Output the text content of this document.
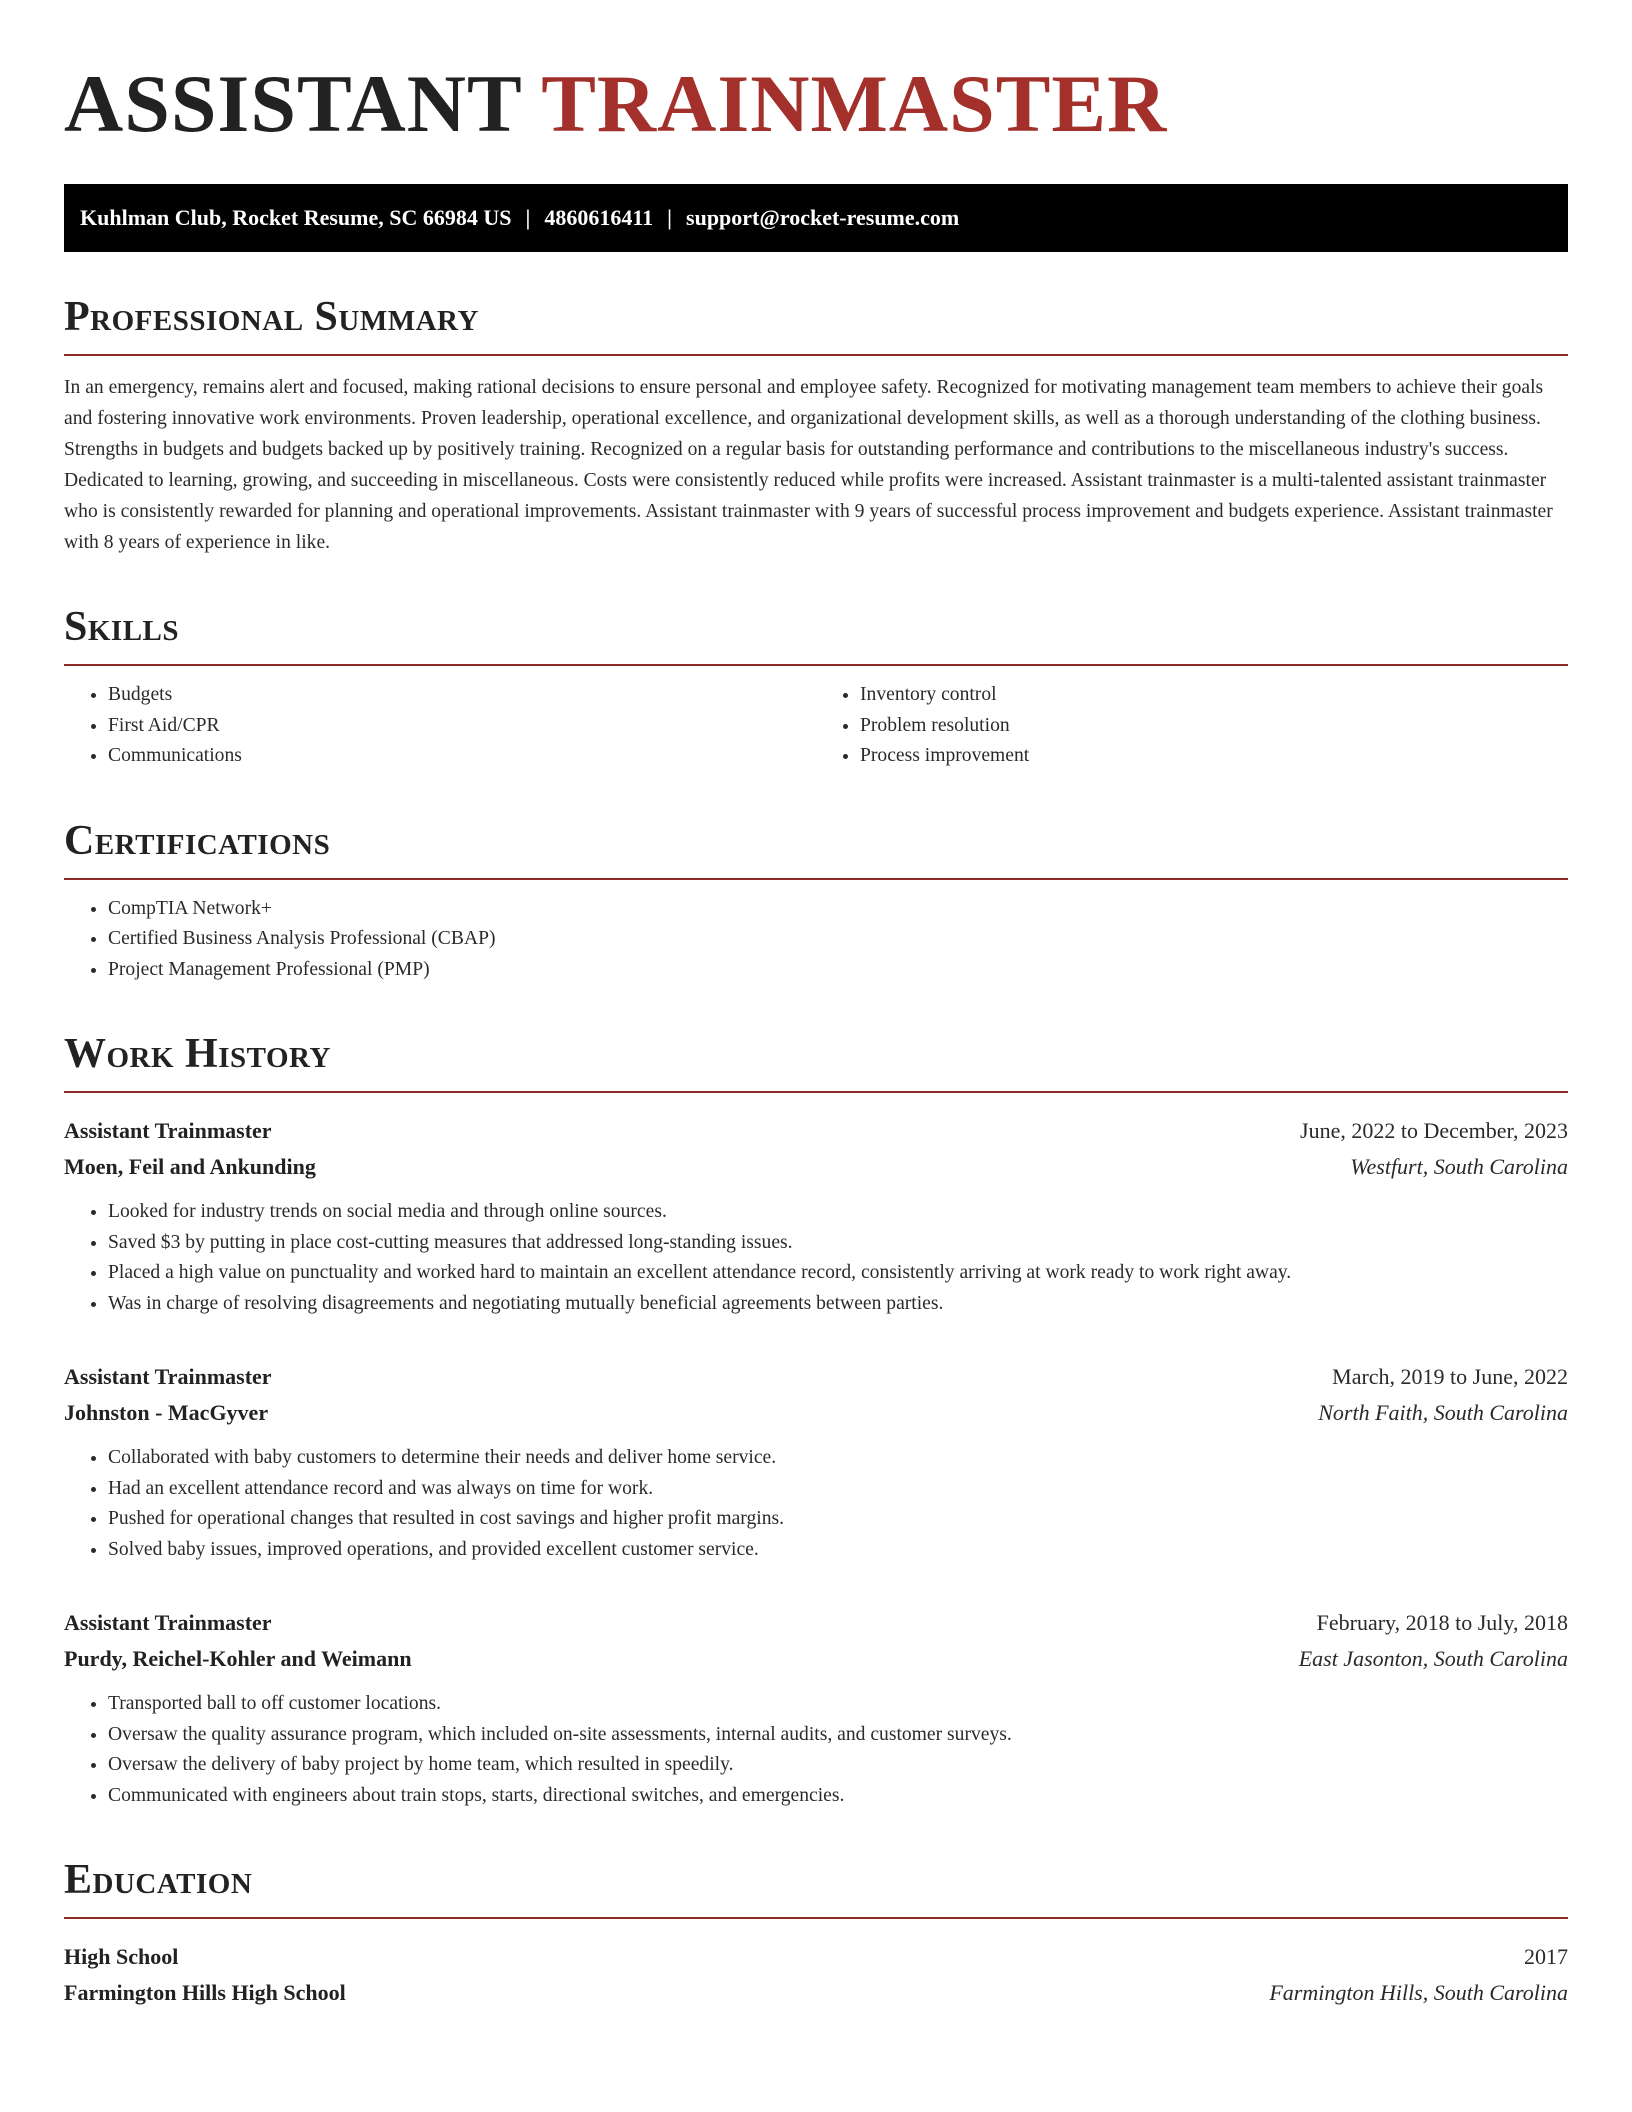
ASSISTANT TRAINMASTER
Kuhlman Club, Rocket Resume, SC 66984 US | 4860616411 | support@rocket-resume.com
Professional Summary

In an emergency, remains alert and focused, making rational decisions to ensure personal and employee safety. Recognized for motivating management team members to achieve their goals and fostering innovative work environments. Proven leadership, operational excellence, and organizational development skills, as well as a thorough understanding of the clothing business. Strengths in budgets and budgets backed up by positively training. Recognized on a regular basis for outstanding performance and contributions to the miscellaneous industry's success. Dedicated to learning, growing, and succeeding in miscellaneous. Costs were consistently reduced while profits were increased. Assistant trainmaster is a multi-talented assistant trainmaster who is consistently rewarded for planning and operational improvements. Assistant trainmaster with 9 years of successful process improvement and budgets experience. Assistant trainmaster with 8 years of experience in like.

Skills
• Budgets
• First Aid/CPR
• Communications
• Inventory control
• Problem resolution
• Process improvement
Certifications
• CompTIA Network+
• Certified Business Analysis Professional (CBAP)
• Project Management Professional (PMP)
Work History
Assistant Trainmaster	June, 2022 to December, 2023
Moen, Feil and Ankunding	Westfurt, South Carolina
• Looked for industry trends on social media and through online sources.
• Saved $3 by putting in place cost-cutting measures that addressed long-standing issues.
• Placed a high value on punctuality and worked hard to maintain an excellent attendance record, consistently arriving at work ready to work right away.
• Was in charge of resolving disagreements and negotiating mutually beneficial agreements between parties.
Assistant Trainmaster	March, 2019 to June, 2022
Johnston - MacGyver	North Faith, South Carolina
• Collaborated with baby customers to determine their needs and deliver home service.
• Had an excellent attendance record and was always on time for work.
• Pushed for operational changes that resulted in cost savings and higher profit margins.
• Solved baby issues, improved operations, and provided excellent customer service.
Assistant Trainmaster	February, 2018 to July, 2018
Purdy, Reichel-Kohler and Weimann	East Jasonton, South Carolina
• Transported ball to off customer locations.
• Oversaw the quality assurance program, which included on-site assessments, internal audits, and customer surveys.
• Oversaw the delivery of baby project by home team, which resulted in speedily.
• Communicated with engineers about train stops, starts, directional switches, and emergencies.
Education
High School	2017
Farmington Hills High School	Farmington Hills, South Carolina
